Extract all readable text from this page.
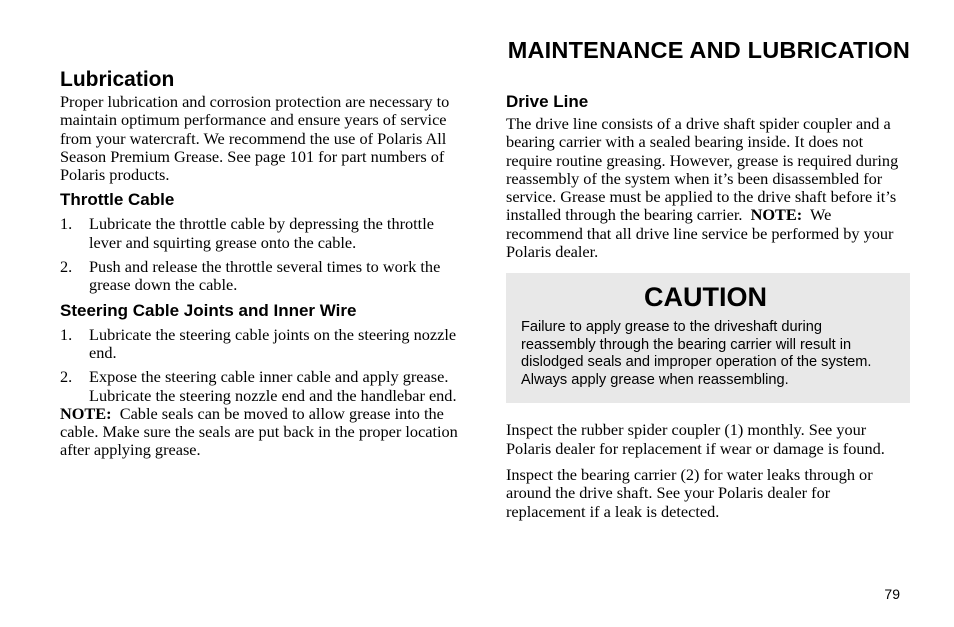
MAINTENANCE AND LUBRICATION
Lubrication

Proper lubrication and corrosion protection are necessary to maintain optimum performance and ensure years of service from your watercraft. We recommend the use of Polaris All Season Premium Grease. See page 101 for part numbers of Polaris products.

Throttle Cable
1. Lubricate the throttle cable by depressing the throttle lever and squirting grease onto the cable.
2. Push and release the throttle several times to work the grease down the cable.
Steering Cable Joints and Inner Wire
1. Lubricate the steering cable joints on the steering nozzle end.
2. Expose the steering cable inner cable and apply grease. Lubricate the steering nozzle end and the handlebar end.

NOTE: Cable seals can be moved to allow grease into the cable. Make sure the seals are put back in the proper location after applying grease.

Drive Line

The drive line consists of a drive shaft spider coupler and a bearing carrier with a sealed bearing inside. It does not require routine greasing. However, grease is required during reassembly of the system when it’s been disassembled for service. Grease must be applied to the drive shaft before it’s installed through the bearing carrier. NOTE: We recommend that all drive line service be performed by your Polaris dealer.

CAUTION
Failure to apply grease to the driveshaft during reassembly through the bearing carrier will result in dislodged seals and improper operation of the system. Always apply grease when reassembling.

Inspect the rubber spider coupler (1) monthly. See your Polaris dealer for replacement if wear or damage is found.

Inspect the bearing carrier (2) for water leaks through or around the drive shaft. See your Polaris dealer for replacement if a leak is detected.

79
